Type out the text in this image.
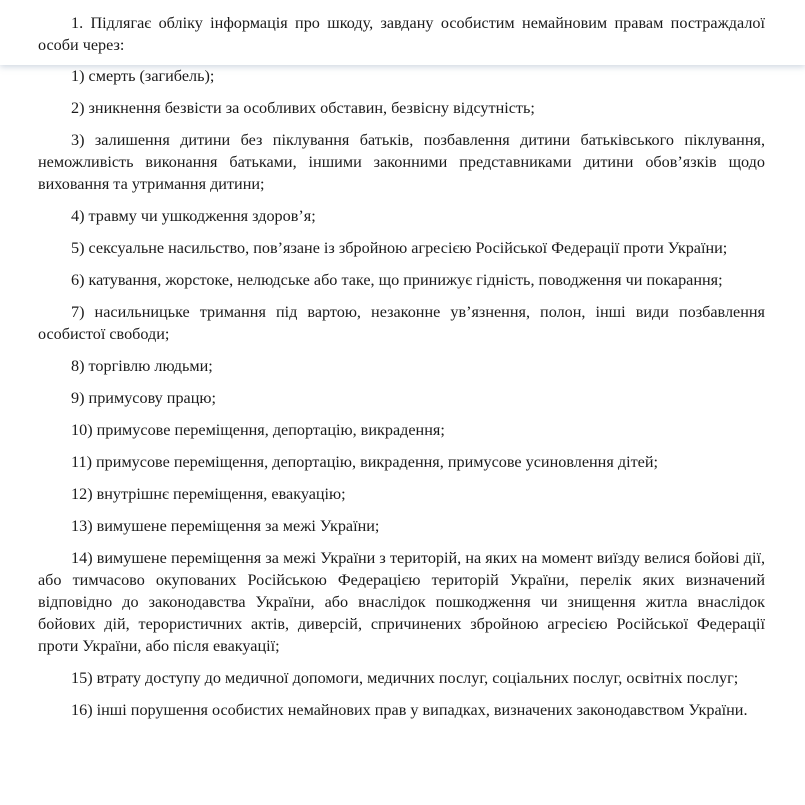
1. Підлягає обліку інформація про шкоду, завдану особистим немайновим правам постраждалої особи через:

1) смерть (загибель);

2) зникнення безвісти за особливих обставин, безвісну відсутність;

3) залишення дитини без піклування батьків, позбавлення дитини батьківського піклування, неможливість виконання батьками, іншими законними представниками дитини обов’язків щодо виховання та утримання дитини;

4) травму чи ушкодження здоров’я;

5) сексуальне насильство, пов’язане із збройною агресією Російської Федерації проти України;

6) катування, жорстоке, нелюдське або таке, що принижує гідність, поводження чи покарання;

7) насильницьке тримання під вартою, незаконне ув’язнення, полон, інші види позбавлення особистої свободи;

8) торгівлю людьми;

9) примусову працю;

10) примусове переміщення, депортацію, викрадення;

11) примусове переміщення, депортацію, викрадення, примусове усиновлення дітей;

12) внутрішнє переміщення, евакуацію;

13) вимушене переміщення за межі України;

14) вимушене переміщення за межі України з територій, на яких на момент виїзду велися бойові дії, або тимчасово окупованих Російською Федерацією територій України, перелік яких визначений відповідно до законодавства України, або внаслідок пошкодження чи знищення житла внаслідок бойових дій, терористичних актів, диверсій, спричинених збройною агресією Російської Федерації проти України, або після евакуації;

15) втрату доступу до медичної допомоги, медичних послуг, соціальних послуг, освітніх послуг;

16) інші порушення особистих немайнових прав у випадках, визначених законодавством України.
